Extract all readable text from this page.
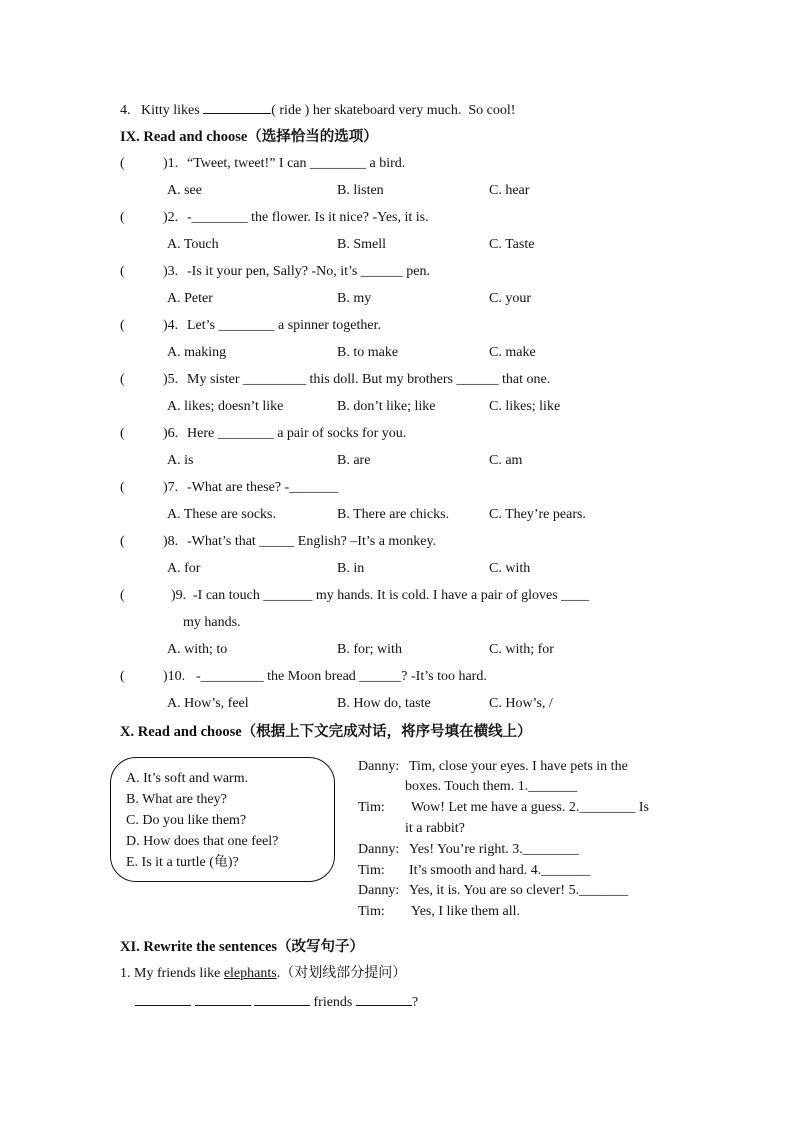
4. Kitty likes	( ride ) her skateboard very much. So cool!
IX. Read and choose（选择恰当的选项）
(	)1. “Tweet, tweet!” I can ________ a bird.
A. see	B. listen	C. hear
(	)2. -________ the flower. Is it nice? -Yes, it is.
A. Touch	B. Smell	C. Taste
(	)3. -Is it your pen, Sally? -No, it’s ______ pen.
A. Peter	B. my	C. your
(	)4. Let’s ________ a spinner together.
A. making	B. to make	C. make
(	)5. My sister _________ this doll. But my brothers ______ that one.
A. likes; doesn’t like	B. don’t like; like	C. likes; like
(	)6. Here ________ a pair of socks for you.
A. is	B. are	C. am
(	)7. -What are these? -_______
A. These are socks.	B. There are chicks.	C. They’re pears.
(	)8. -What’s that _____ English? –It’s a monkey.
A. for	B. in	C. with
(	)9. -I can touch _______ my hands. It is cold. I have a pair of gloves ____
my hands.
A. with; to	B. for; with	C. with; for
(	)10. -_________ the Moon bread ______? -It’s too hard.
A. How’s, feel	B. How do, taste	C. How’s, /
X. Read and choose（根据上下文完成对话，将序号填在横线上）
A. It’s soft and warm.
B. What are they?
C. Do you like them?
D. How does that one feel?
E. Is it a turtle (龟)?
Danny: Tim, close your eyes. I have pets in the
boxes. Touch them. 1._______
Tim: Wow! Let me have a guess. 2.________ Is
it a rabbit?
Danny: Yes! You’re right. 3.________
Tim: It’s smooth and hard. 4._______
Danny: Yes, it is. You are so clever! 5._______
Tim: Yes, I like them all.
XI. Rewrite the sentences（改写句子）
1. My friends like elephants.（对划线部分提问）
friends	?
